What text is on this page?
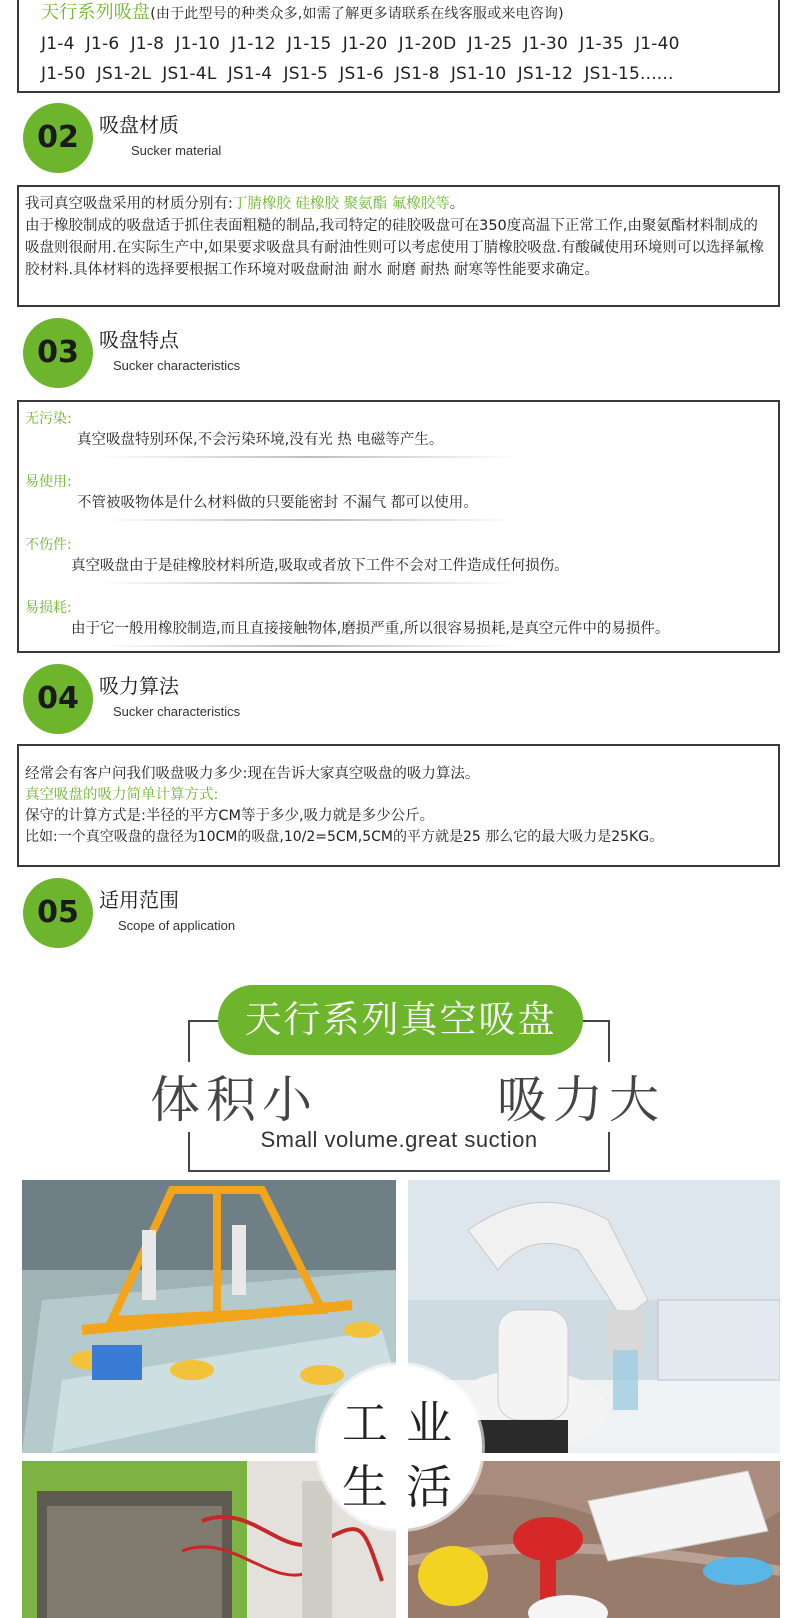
天行系列吸盘(由于此型号的种类众多,如需了解更多请联系在线客服或来电咨询)
J1-4  J1-6  J1-8  J1-10  J1-12  J1-15  J1-20  J1-20D  J1-25  J1-30  J1-35  J1-40
J1-50  JS1-2L  JS1-4L  JS1-4  JS1-5  JS1-6  JS1-8  JS1-10  JS1-12  JS1-15......
02	吸盘材质
Sucker material
我司真空吸盘采用的材质分别有:丁腈橡胶 硅橡胶 聚氨酯 氟橡胶等。
由于橡胶制成的吸盘适于抓住表面粗糙的制品,我司特定的硅胶吸盘可在350度高温下正常工作,由聚氨酯材料制成的吸盘则很耐用.在实际生产中,如果要求吸盘具有耐油性则可以考虑使用丁腈橡胶吸盘.有酸碱使用环境则可以选择氟橡胶材料.具体材料的选择要根据工作环境对吸盘耐油 耐水 耐磨 耐热 耐寒等性能要求确定。
03	吸盘特点
Sucker characteristics
无污染:
真空吸盘特别环保,不会污染环境,没有光 热 电磁等产生。
易使用:
不管被吸物体是什么材料做的只要能密封 不漏气 都可以使用。
不伤件:
真空吸盘由于是硅橡胶材料所造,吸取或者放下工件不会对工件造成任何损伤。
易损耗:
由于它一般用橡胶制造,而且直接接触物体,磨损严重,所以很容易损耗,是真空元件中的易损件。
04	吸力算法
Sucker characteristics
经常会有客户问我们吸盘吸力多少:现在告诉大家真空吸盘的吸力算法。
真空吸盘的吸力简单计算方式:
保守的计算方式是:半径的平方CM等于多少,吸力就是多少公斤。
比如:一个真空吸盘的盘径为10CM的吸盘,10/2=5CM,5CM的平方就是25 那么它的最大吸力是25KG。
05	适用范围
Scope of application
天行系列真空吸盘
体积小	吸力大
Small volume.great suction
工 业
生 活
